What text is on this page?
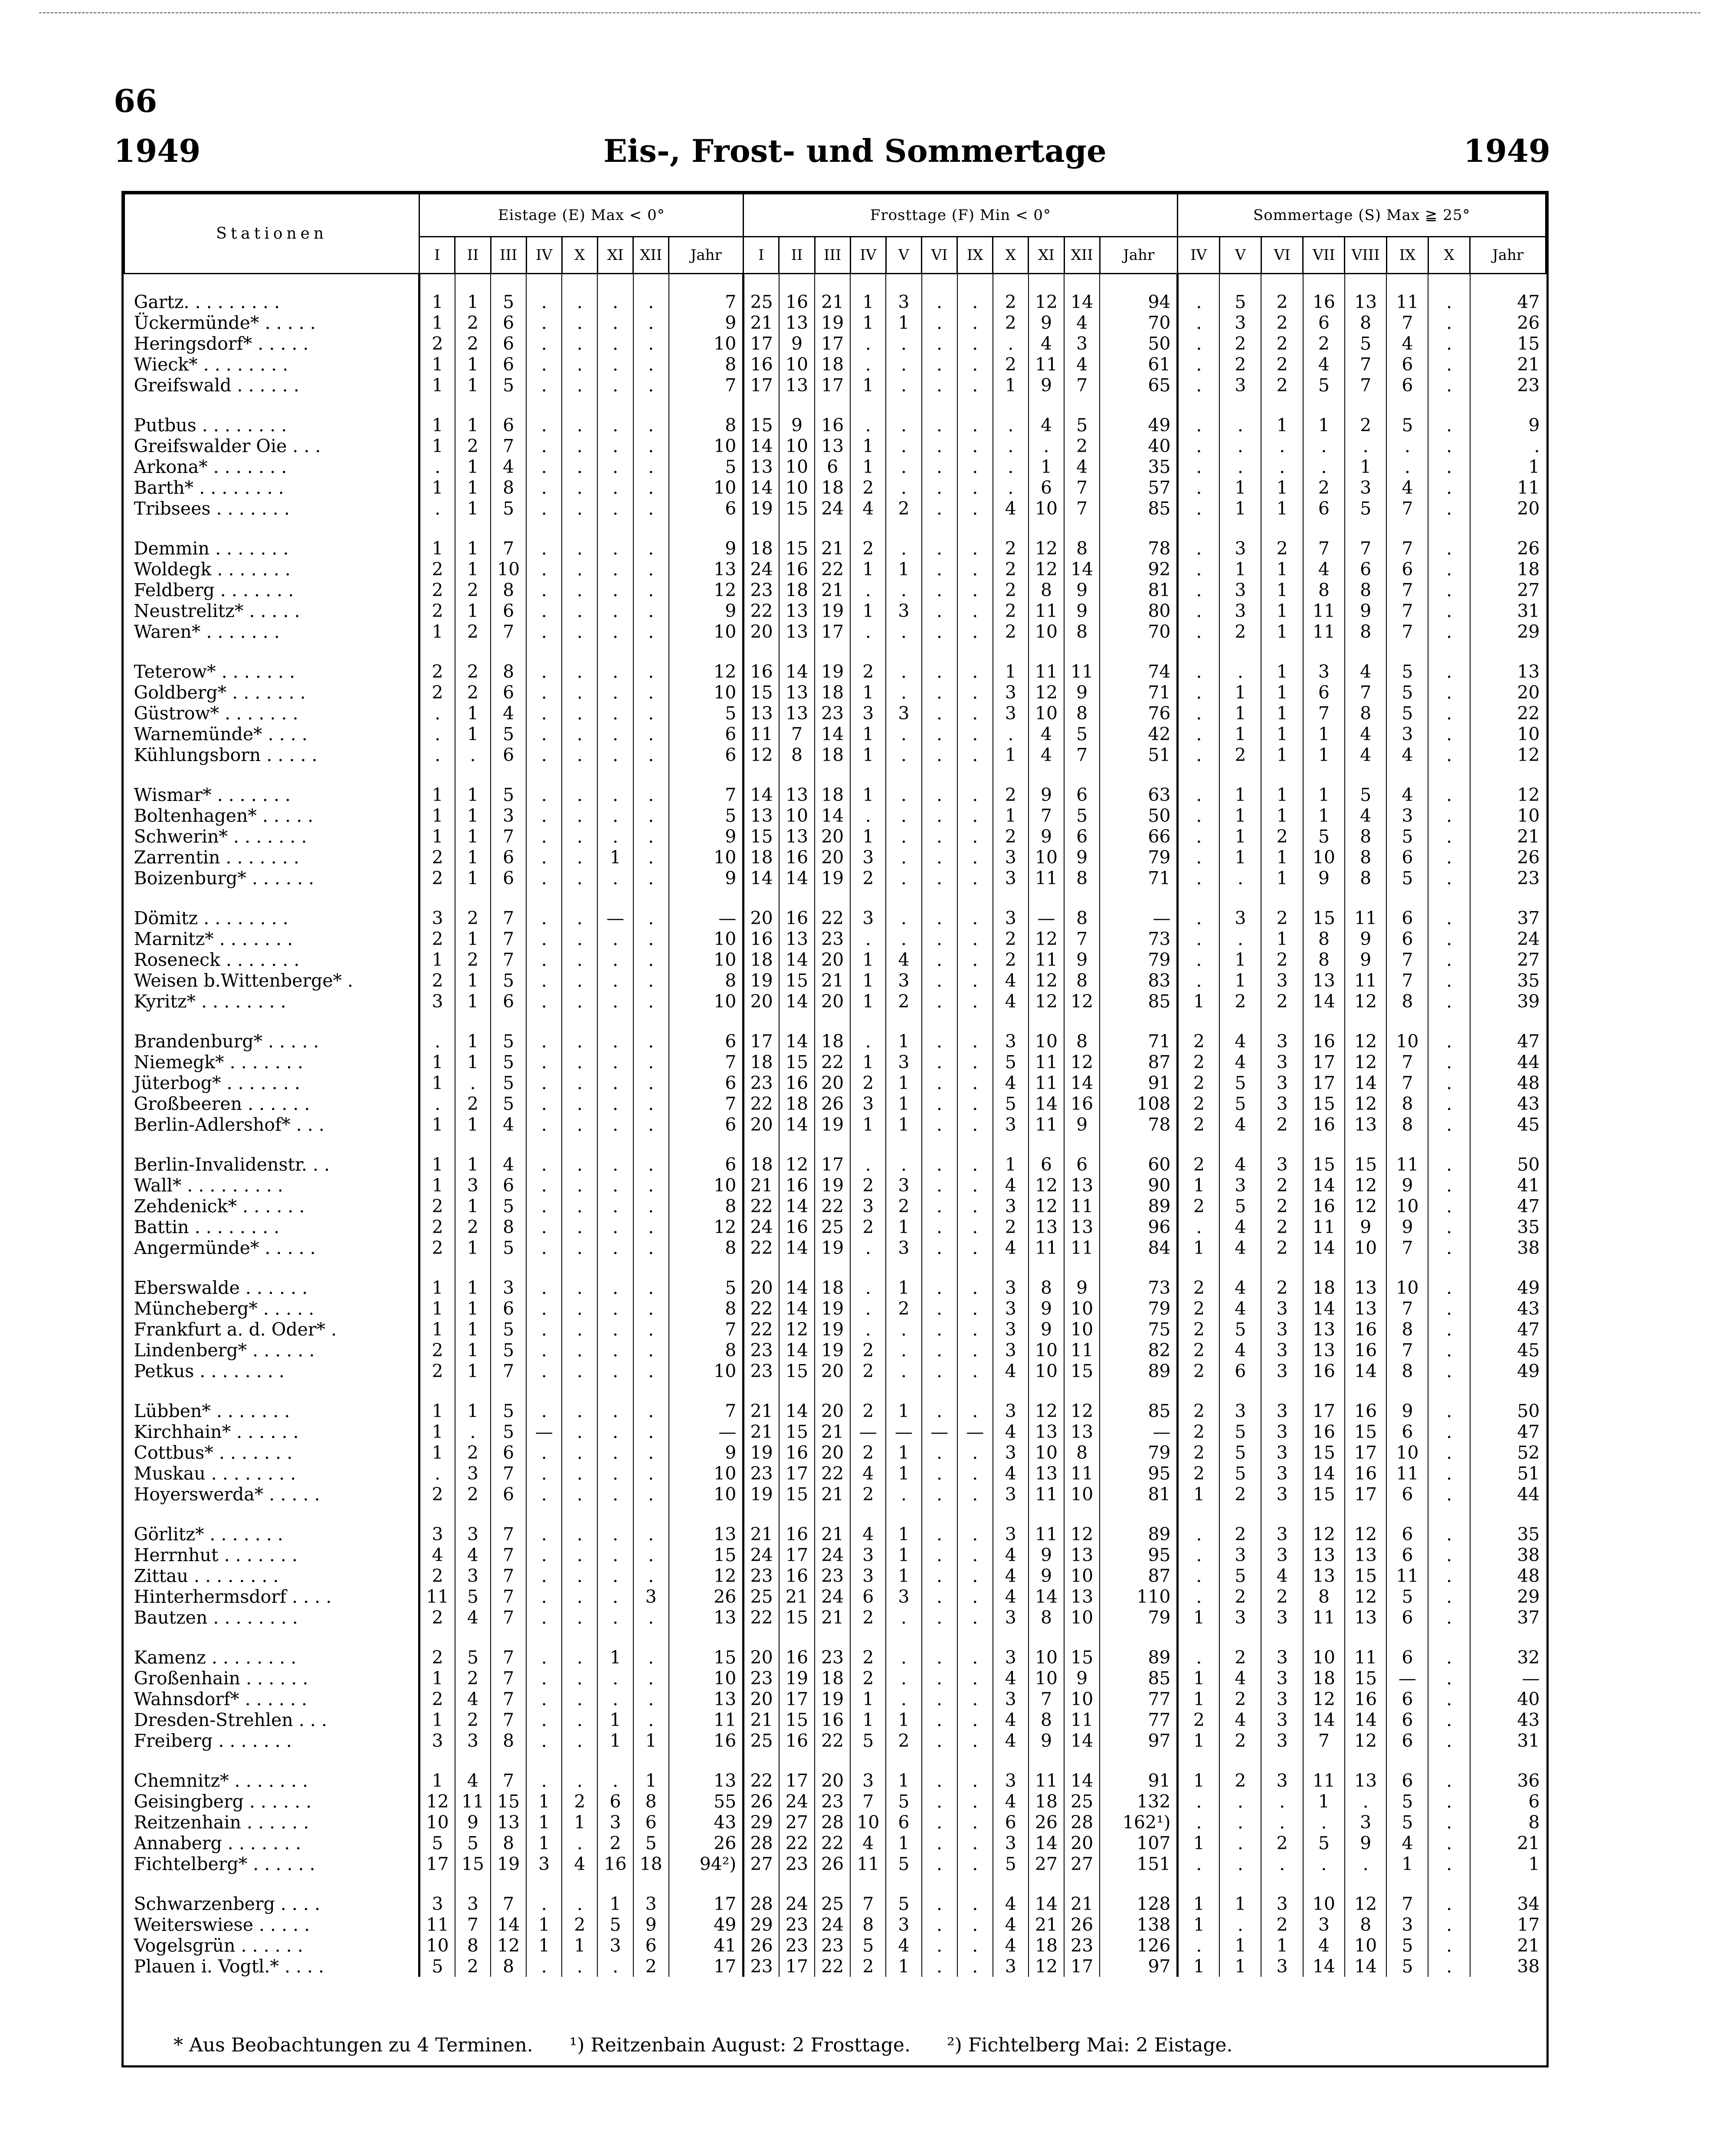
66
1949	Eis-, Frost- und Sommertage	1949
Stationen	Eistage (E) Max < 0°								Frosttage (F) Min < 0°											Sommertage (S) Max ≧ 25°							
	I	II	III	IV	X	XI	XII	Jahr	I	II	III	IV	V	VI	IX	X	XI	XII	Jahr	IV	V	VI	VII	VIII	IX	X	Jahr
Gartz. . . . . . . . .	1	1	5	.	.	.	.	7	25	16	21	1	3	.	.	2	12	14	94	.	5	2	16	13	11	.	47
Ückermünde* . . . . .	1	2	6	.	.	.	.	9	21	13	19	1	1	.	.	2	9	4	70	.	3	2	6	8	7	.	26
Heringsdorf* . . . . .	2	2	6	.	.	.	.	10	17	9	17	.	.	.	.	.	4	3	50	.	2	2	2	5	4	.	15
Wieck* . . . . . . . .	1	1	6	.	.	.	.	8	16	10	18	.	.	.	.	2	11	4	61	.	2	2	4	7	6	.	21
Greifswald . . . . . .	1	1	5	.	.	.	.	7	17	13	17	1	.	.	.	1	9	7	65	.	3	2	5	7	6	.	23

Putbus . . . . . . . .	1	1	6	.	.	.	.	8	15	9	16	.	.	.	.	.	4	5	49	.	.	1	1	2	5	.	9
Greifswalder Oie . . .	1	2	7	.	.	.	.	10	14	10	13	1	.	.	.	.	.	2	40	.	.	.	.	.	.	.	.
Arkona* . . . . . . .	.	1	4	.	.	.	.	5	13	10	6	1	.	.	.	.	1	4	35	.	.	.	.	1	.	.	1
Barth* . . . . . . . .	1	1	8	.	.	.	.	10	14	10	18	2	.	.	.	.	6	7	57	.	1	1	2	3	4	.	11
Tribsees . . . . . . .	.	1	5	.	.	.	.	6	19	15	24	4	2	.	.	4	10	7	85	.	1	1	6	5	7	.	20

Demmin . . . . . . .	1	1	7	.	.	.	.	9	18	15	21	2	.	.	.	2	12	8	78	.	3	2	7	7	7	.	26
Woldegk . . . . . . .	2	1	10	.	.	.	.	13	24	16	22	1	1	.	.	2	12	14	92	.	1	1	4	6	6	.	18
Feldberg . . . . . . .	2	2	8	.	.	.	.	12	23	18	21	.	.	.	.	2	8	9	81	.	3	1	8	8	7	.	27
Neustrelitz* . . . . .	2	1	6	.	.	.	.	9	22	13	19	1	3	.	.	2	11	9	80	.	3	1	11	9	7	.	31
Waren* . . . . . . .	1	2	7	.	.	.	.	10	20	13	17	.	.	.	.	2	10	8	70	.	2	1	11	8	7	.	29

Teterow* . . . . . . .	2	2	8	.	.	.	.	12	16	14	19	2	.	.	.	1	11	11	74	.	.	1	3	4	5	.	13
Goldberg* . . . . . . .	2	2	6	.	.	.	.	10	15	13	18	1	.	.	.	3	12	9	71	.	1	1	6	7	5	.	20
Güstrow* . . . . . . .	.	1	4	.	.	.	.	5	13	13	23	3	3	.	.	3	10	8	76	.	1	1	7	8	5	.	22
Warnemünde* . . . .	.	1	5	.	.	.	.	6	11	7	14	1	.	.	.	.	4	5	42	.	1	1	1	4	3	.	10
Kühlungsborn . . . . .	.	.	6	.	.	.	.	6	12	8	18	1	.	.	.	1	4	7	51	.	2	1	1	4	4	.	12

Wismar* . . . . . . .	1	1	5	.	.	.	.	7	14	13	18	1	.	.	.	2	9	6	63	.	1	1	1	5	4	.	12
Boltenhagen* . . . . .	1	1	3	.	.	.	.	5	13	10	14	.	.	.	.	1	7	5	50	.	1	1	1	4	3	.	10
Schwerin* . . . . . . .	1	1	7	.	.	.	.	9	15	13	20	1	.	.	.	2	9	6	66	.	1	2	5	8	5	.	21
Zarrentin . . . . . . .	2	1	6	.	.	1	.	10	18	16	20	3	.	.	.	3	10	9	79	.	1	1	10	8	6	.	26
Boizenburg* . . . . . .	2	1	6	.	.	.	.	9	14	14	19	2	.	.	.	3	11	8	71	.	.	1	9	8	5	.	23

Dömitz . . . . . . . .	3	2	7	.	.	—	.	—	20	16	22	3	.	.	.	3	—	8	—	.	3	2	15	11	6	.	37
Marnitz* . . . . . . .	2	1	7	.	.	.	.	10	16	13	23	.	.	.	.	2	12	7	73	.	.	1	8	9	6	.	24
Roseneck . . . . . . .	1	2	7	.	.	.	.	10	18	14	20	1	4	.	.	2	11	9	79	.	1	2	8	9	7	.	27
Weisen b.Wittenberge* .	2	1	5	.	.	.	.	8	19	15	21	1	3	.	.	4	12	8	83	.	1	3	13	11	7	.	35
Kyritz* . . . . . . . .	3	1	6	.	.	.	.	10	20	14	20	1	2	.	.	4	12	12	85	1	2	2	14	12	8	.	39

Brandenburg* . . . . .	.	1	5	.	.	.	.	6	17	14	18	.	1	.	.	3	10	8	71	2	4	3	16	12	10	.	47
Niemegk* . . . . . . .	1	1	5	.	.	.	.	7	18	15	22	1	3	.	.	5	11	12	87	2	4	3	17	12	7	.	44
Jüterbog* . . . . . . .	1	.	5	.	.	.	.	6	23	16	20	2	1	.	.	4	11	14	91	2	5	3	17	14	7	.	48
Großbeeren . . . . . .	.	2	5	.	.	.	.	7	22	18	26	3	1	.	.	5	14	16	108	2	5	3	15	12	8	.	43
Berlin-Adlershof* . . .	1	1	4	.	.	.	.	6	20	14	19	1	1	.	.	3	11	9	78	2	4	2	16	13	8	.	45

Berlin-Invalidenstr. . .	1	1	4	.	.	.	.	6	18	12	17	.	.	.	.	1	6	6	60	2	4	3	15	15	11	.	50
Wall* . . . . . . . . .	1	3	6	.	.	.	.	10	21	16	19	2	3	.	.	4	12	13	90	1	3	2	14	12	9	.	41
Zehdenick* . . . . . .	2	1	5	.	.	.	.	8	22	14	22	3	2	.	.	3	12	11	89	2	5	2	16	12	10	.	47
Battin . . . . . . . .	2	2	8	.	.	.	.	12	24	16	25	2	1	.	.	2	13	13	96	.	4	2	11	9	9	.	35
Angermünde* . . . . .	2	1	5	.	.	.	.	8	22	14	19	.	3	.	.	4	11	11	84	1	4	2	14	10	7	.	38

Eberswalde . . . . . .	1	1	3	.	.	.	.	5	20	14	18	.	1	.	.	3	8	9	73	2	4	2	18	13	10	.	49
Müncheberg* . . . . .	1	1	6	.	.	.	.	8	22	14	19	.	2	.	.	3	9	10	79	2	4	3	14	13	7	.	43
Frankfurt a. d. Oder* .	1	1	5	.	.	.	.	7	22	12	19	.	.	.	.	3	9	10	75	2	5	3	13	16	8	.	47
Lindenberg* . . . . . .	2	1	5	.	.	.	.	8	23	14	19	2	.	.	.	3	10	11	82	2	4	3	13	16	7	.	45
Petkus . . . . . . . .	2	1	7	.	.	.	.	10	23	15	20	2	.	.	.	4	10	15	89	2	6	3	16	14	8	.	49

Lübben* . . . . . . .	1	1	5	.	.	.	.	7	21	14	20	2	1	.	.	3	12	12	85	2	3	3	17	16	9	.	50
Kirchhain* . . . . . .	1	.	5	—	.	.	.	—	21	15	21	—	—	—	—	4	13	13	—	2	5	3	16	15	6	.	47
Cottbus* . . . . . . .	1	2	6	.	.	.	.	9	19	16	20	2	1	.	.	3	10	8	79	2	5	3	15	17	10	.	52
Muskau . . . . . . . .	.	3	7	.	.	.	.	10	23	17	22	4	1	.	.	4	13	11	95	2	5	3	14	16	11	.	51
Hoyerswerda* . . . . .	2	2	6	.	.	.	.	10	19	15	21	2	.	.	.	3	11	10	81	1	2	3	15	17	6	.	44

Görlitz* . . . . . . .	3	3	7	.	.	.	.	13	21	16	21	4	1	.	.	3	11	12	89	.	2	3	12	12	6	.	35
Herrnhut . . . . . . .	4	4	7	.	.	.	.	15	24	17	24	3	1	.	.	4	9	13	95	.	3	3	13	13	6	.	38
Zittau . . . . . . . .	2	3	7	.	.	.	.	12	23	16	23	3	1	.	.	4	9	10	87	.	5	4	13	15	11	.	48
Hinterhermsdorf . . . .	11	5	7	.	.	.	3	26	25	21	24	6	3	.	.	4	14	13	110	.	2	2	8	12	5	.	29
Bautzen . . . . . . . .	2	4	7	.	.	.	.	13	22	15	21	2	.	.	.	3	8	10	79	1	3	3	11	13	6	.	37

Kamenz . . . . . . . .	2	5	7	.	.	1	.	15	20	16	23	2	.	.	.	3	10	15	89	.	2	3	10	11	6	.	32
Großenhain . . . . . .	1	2	7	.	.	.	.	10	23	19	18	2	.	.	.	4	10	9	85	1	4	3	18	15	—	.	—
Wahnsdorf* . . . . . .	2	4	7	.	.	.	.	13	20	17	19	1	.	.	.	3	7	10	77	1	2	3	12	16	6	.	40
Dresden-Strehlen . . .	1	2	7	.	.	1	.	11	21	15	16	1	1	.	.	4	8	11	77	2	4	3	14	14	6	.	43
Freiberg . . . . . . .	3	3	8	.	.	1	1	16	25	16	22	5	2	.	.	4	9	14	97	1	2	3	7	12	6	.	31

Chemnitz* . . . . . . .	1	4	7	.	.	.	1	13	22	17	20	3	1	.	.	3	11	14	91	1	2	3	11	13	6	.	36
Geisingberg . . . . . .	12	11	15	1	2	6	8	55	26	24	23	7	5	.	.	4	18	25	132	.	.	.	1	.	5	.	6
Reitzenhain . . . . . .	10	9	13	1	1	3	6	43	29	27	28	10	6	.	.	6	26	28	162¹)	.	.	.	.	3	5	.	8
Annaberg . . . . . . .	5	5	8	1	.	2	5	26	28	22	22	4	1	.	.	3	14	20	107	1	.	2	5	9	4	.	21
Fichtelberg* . . . . . .	17	15	19	3	4	16	18	94²)	27	23	26	11	5	.	.	5	27	27	151	.	.	.	.	.	1	.	1

Schwarzenberg . . . .	3	3	7	.	.	1	3	17	28	24	25	7	5	.	.	4	14	21	128	1	1	3	10	12	7	.	34
Weiterswiese . . . . .	11	7	14	1	2	5	9	49	29	23	24	8	3	.	.	4	21	26	138	1	.	2	3	8	3	.	17
Vogelsgrün . . . . . .	10	8	12	1	1	3	6	41	26	23	23	5	4	.	.	4	18	23	126	.	1	1	4	10	5	.	21
Plauen i. Vogtl.* . . . .	5	2	8	.	.	.	2	17	23	17	22	2	1	.	.	3	12	17	97	1	1	3	14	14	5	.	38
* Aus Beobachtungen zu 4 Terminen. ¹) Reitzenbain August: 2 Frosttage. ²) Fichtelberg Mai: 2 Eistage.
